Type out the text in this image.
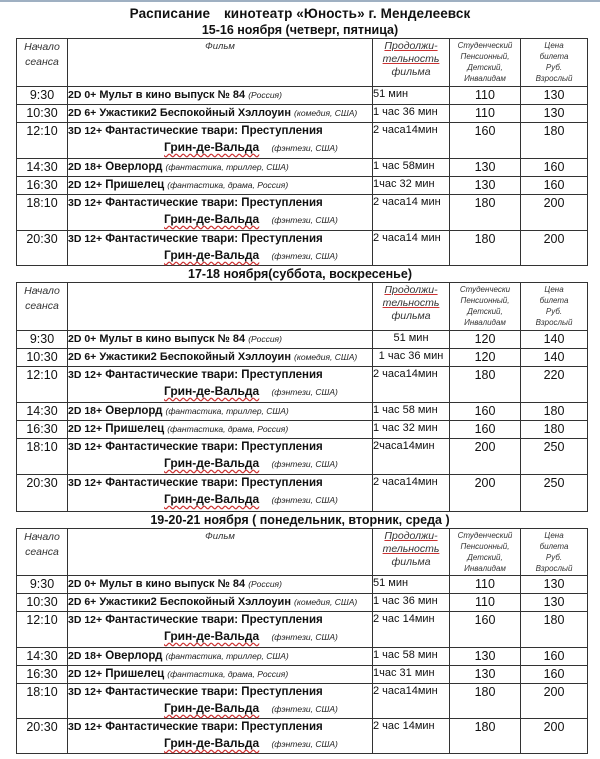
Расписание кинотеатр «Юность» г. Менделеевск
15-16 ноября (четверг, пятница)
Начало
сеанса	Фильм	Продолжи-
тельность
фильма	Студенческий
Пенсионный,
Детский,
Инвалидам	Цена
билета
Руб.
Взрослый

9:30	2D 0+ Мульт в кино выпуск № 84 (Россия)	51 мин	110	130
10:30	2D 6+ Ужастики2 Беспокойный Хэллоуин (комедия, США)	1 час 36 мин	110	130
12:10	3D 12+ Фантастические твари: Преступления
Грин-де-Вальда (фэнтези, США)	2 часа14мин	160	180
14:30	2D 18+ Оверлорд (фантастика, триллер, США)	1 час 58мин	130	160
16:30	2D 12+ Пришелец (фантастика, драма, Россия)	1час 32 мин	130	160
18:10	3D 12+ Фантастические твари: Преступления
Грин-де-Вальда (фэнтези, США)	2 часа14 мин	180	200
20:30	3D 12+ Фантастические твари: Преступления
Грин-де-Вальда (фэнтези, США)	2 часа14 мин	180	200
17-18 ноября(суббота, воскресенье)
Начало
сеанса		Продолжи-
тельность
фильма	Студенчески
Пенсионный,
Детский,
Инвалидам	Цена
билета
Руб.
Взрослый

9:30	2D 0+ Мульт в кино выпуск № 84 (Россия)	51 мин	120	140
10:30	2D 6+ Ужастики2 Беспокойный Хэллоуин (комедия, США)	1 час 36 мин	120	140
12:10	3D 12+ Фантастические твари: Преступления
Грин-де-Вальда (фэнтези, США)	2 часа14мин	180	220
14:30	2D 18+ Оверлорд (фантастика, триллер, США)	1 час 58 мин	160	180
16:30	2D 12+ Пришелец (фантастика, драма, Россия)	1 час 32 мин	160	180
18:10	3D 12+ Фантастические твари: Преступления
Грин-де-Вальда (фэнтези, США)	2часа14мин	200	250
20:30	3D 12+ Фантастические твари: Преступления
Грин-де-Вальда (фэнтези, США)	2 часа14мин	200	250
19-20-21 ноября ( понедельник, вторник, среда )
Начало
сеанса	Фильм	Продолжи-
тельность
фильма	Студенческий
Пенсионный,
Детский,
Инвалидам	Цена
билета
Руб.
Взрослый

9:30	2D 0+ Мульт в кино выпуск № 84 (Россия)	51 мин	110	130
10:30	2D 6+ Ужастики2 Беспокойный Хэллоуин (комедия, США)	1 час 36 мин	110	130
12:10	3D 12+ Фантастические твари: Преступления
Грин-де-Вальда (фэнтези, США)	2 час 14мин	160	180
14:30	2D 18+ Оверлорд (фантастика, триллер, США)	1 час 58 мин	130	160
16:30	2D 12+ Пришелец (фантастика, драма, Россия)	1час 31 мин	130	160
18:10	3D 12+ Фантастические твари: Преступления
Грин-де-Вальда (фэнтези, США)	2 часа14мин	180	200
20:30	3D 12+ Фантастические твари: Преступления
Грин-де-Вальда (фэнтези, США)	2 час 14мин	180	200
